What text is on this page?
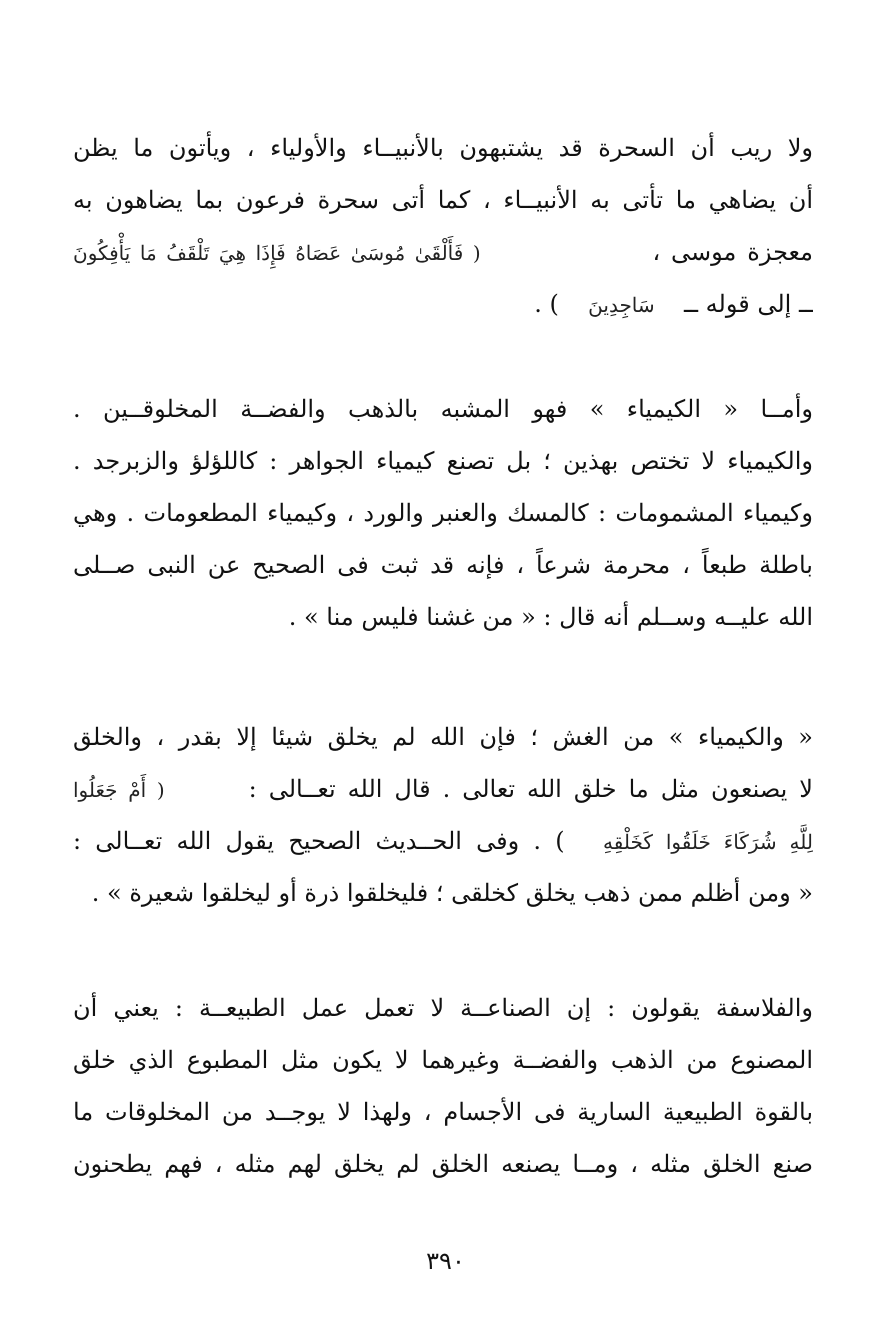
ولا ريب أن السحرة قد يشتبهون بالأنبيــاء والأولياء ، ويأتون ما يظن
أن يضاهي ما تأتى به الأنبيــاء ، كما أتى سحرة فرعون بما يضاهون به
معجزة موسى ،  ( فَأَلْقَىٰ مُوسَىٰ عَصَاهُ فَإِذَا هِيَ تَلْقَفُ مَا يَأْفِكُونَ
ــ إلى قوله ــ  سَاجِدِينَ  ) .
وأمــا « الكيمياء » فهو المشبه بالذهب والفضــة المخلوقــين .
والكيمياء لا تختص بهذين ؛ بل تصنع كيمياء الجواهر : كاللؤلؤ والزبرجد .
وكيمياء المشمومات : كالمسك والعنبر والورد ، وكيمياء المطعومات . وهي
باطلة طبعاً ، محرمة شرعاً ، فإنه قد ثبت فى الصحيح عن النبى صــلى
الله عليــه وســلم أنه قال : « من غشنا فليس منا » .
« والكيمياء » من الغش ؛ فإن الله لم يخلق شيئا إلا بقدر ، والخلق
لا يصنعون مثل ما خلق الله تعالى . قال الله تعــالى :  ( أَمْ جَعَلُوا
لِلَّهِ شُرَكَاءَ خَلَقُوا كَخَلْقِهِ  ) . وفى الحــديث الصحيح يقول الله تعــالى :
« ومن أظلم ممن ذهب يخلق كخلقى ؛ فليخلقوا ذرة أو ليخلقوا شعيرة » .
والفلاسفة يقولون : إن الصناعــة لا تعمل عمل الطبيعــة : يعني أن
المصنوع من الذهب والفضــة وغيرهما لا يكون مثل المطبوع الذي خلق
بالقوة الطبيعية السارية فى الأجسام ، ولهذا لا يوجــد من المخلوقات ما
صنع الخلق مثله ، ومــا يصنعه الخلق لم يخلق لهم مثله ، فهم يطحنون
٣٩٠
